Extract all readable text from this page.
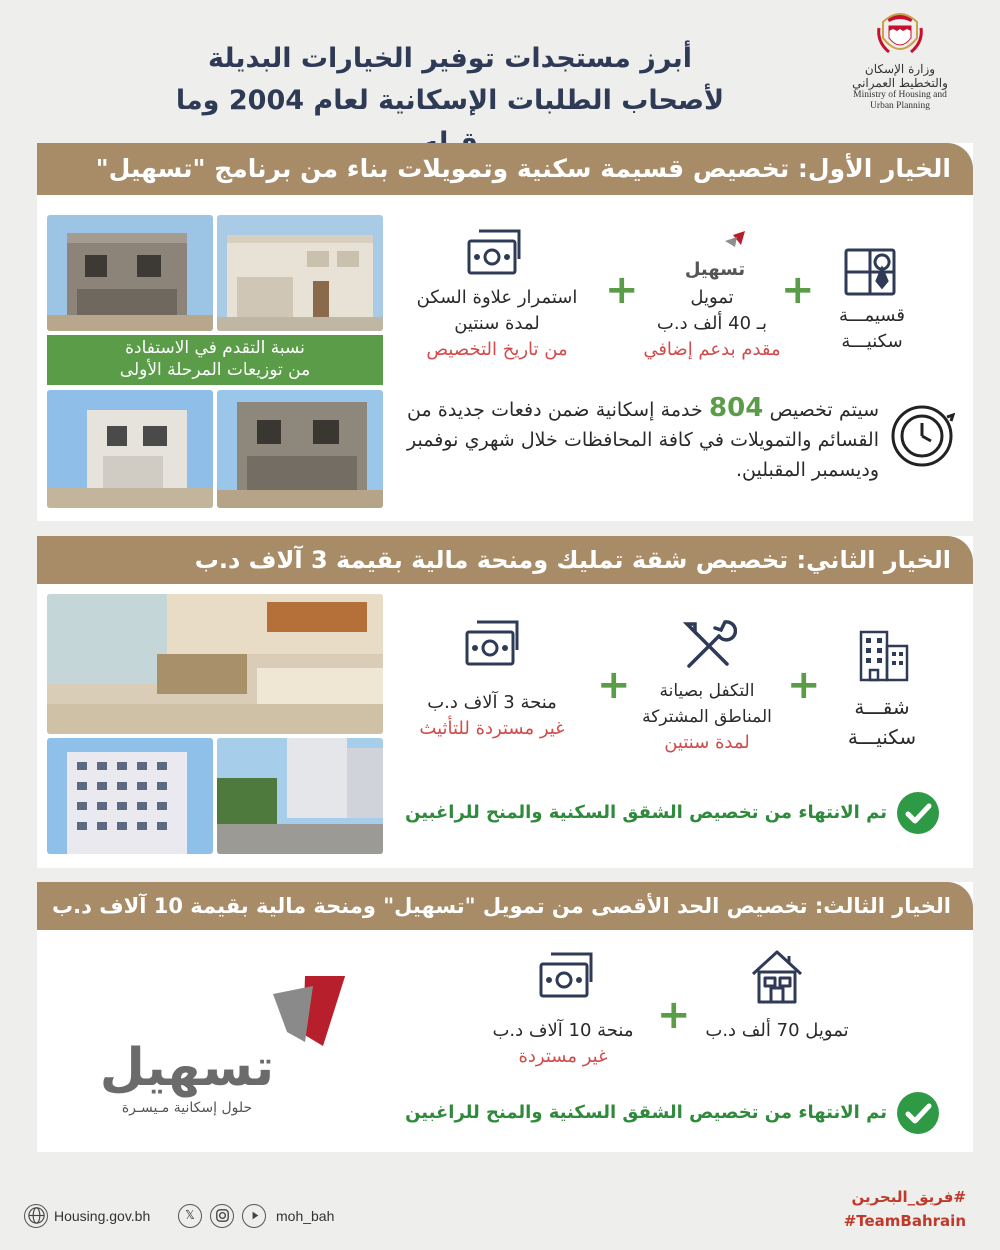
أبرز مستجدات توفير الخيارات البديلة
لأصحاب الطلبات الإسكانية لعام 2004 وما
وزارة الإسكان والتخطيط العمراني
Ministry of Housing and
Urban Planning
الخيار الأول: تخصيص قسيمة سكنية وتمويلات بناء من برنامج "تسهيل"
نسبة التقدم في الاستفادة
من توزيعات المرحلة الأولى
قسيمـــة
سكنيـــة
+
تسهيل
تمويل
بـ 40 ألف د.ب
مقدم بدعم إضافي
+
استمرار علاوة السكن
لمدة سنتين
من تاريخ التخصيص
سيتم تخصيص 804 خدمة إسكانية ضمن دفعات جديدة من القسائم والتمويلات في كافة المحافظات خلال شهري نوفمبر وديسمبر المقبلين.
الخيار الثاني: تخصيص شقة تمليك ومنحة مالية بقيمة 3 آلاف د.ب
شقـــة
سكنيـــة
+
التكفل بصيانة
المناطق المشتركة
لمدة سنتين
+
منحة 3 آلاف د.ب
غير مستردة للتأثيث
تم الانتهاء من تخصيص الشقق السكنية والمنح للراغبين
الخيار الثالث: تخصيص الحد الأقصى من تمويل "تسهيل" ومنحة مالية بقيمة 10 آلاف د.ب
تسهيل
حلول إسكانية مـيسـرة
تمويل 70 ألف د.ب
+
منحة 10 آلاف د.ب
غير مستردة
تم الانتهاء من تخصيص الشقق السكنية والمنح للراغبين
Housing.gov.bh	𝕏	moh_bah
#فريق_البحرين
#TeamBahrain
